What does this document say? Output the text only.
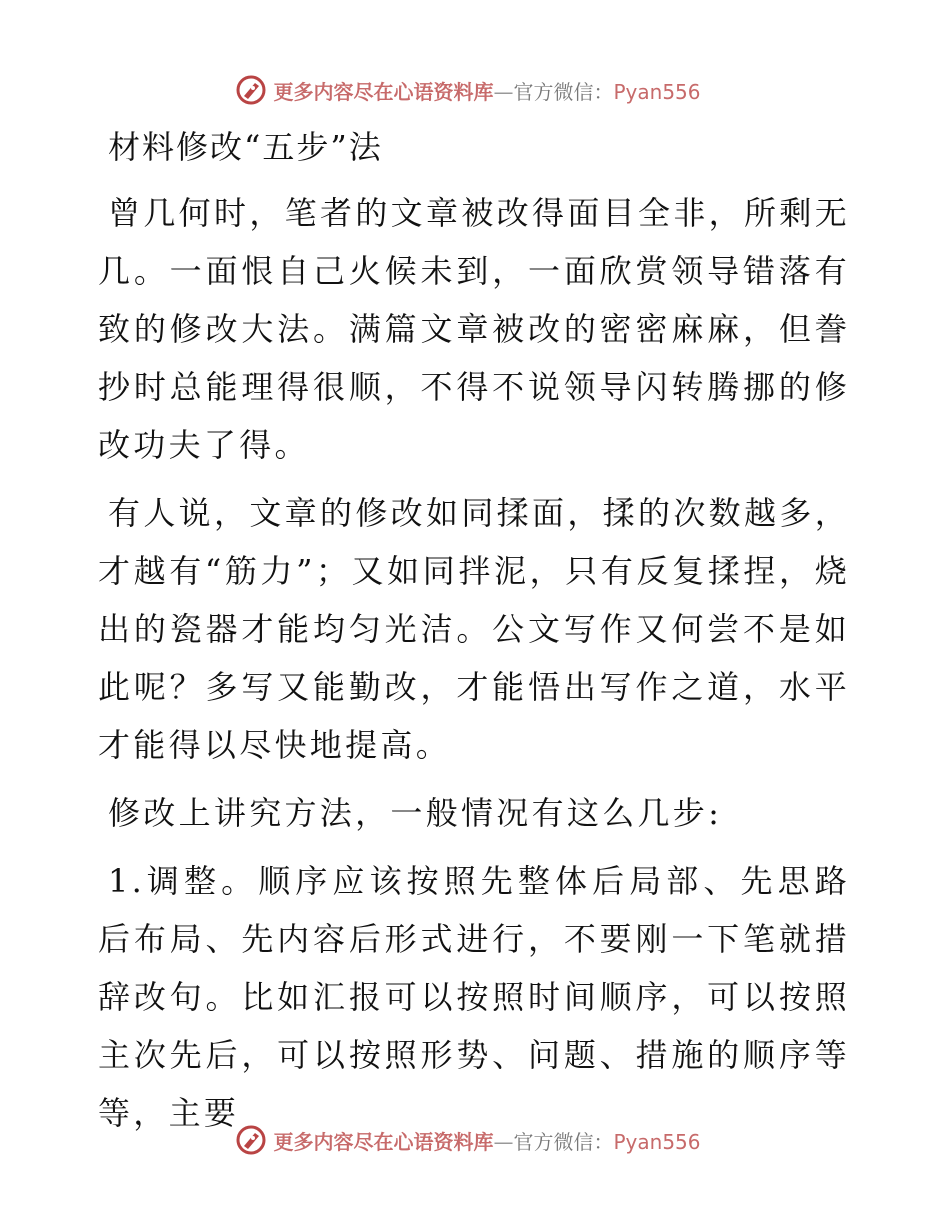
更多内容尽在心语资料库—官方微信：Pyan556
材料修改“五步”法

曾几何时，笔者的文章被改得面目全非，所剩无几。一面恨自己火候未到，一面欣赏领导错落有致的修改大法。满篇文章被改的密密麻麻，但誊抄时总能理得很顺，不得不说领导闪转腾挪的修改功夫了得。

有人说，文章的修改如同揉面，揉的次数越多，才越有“筋力”；又如同拌泥，只有反复揉捏，烧出的瓷器才能均匀光洁。公文写作又何尝不是如此呢？多写又能勤改，才能悟出写作之道，水平才能得以尽快地提高。

修改上讲究方法，一般情况有这么几步:

1.调整。顺序应该按照先整体后局部、先思路后布局、先内容后形式进行，不要刚一下笔就措辞改句。比如汇报可以按照时间顺序，可以按照主次先后，可以按照形势、问题、措施的顺序等等，主要

更多内容尽在心语资料库—官方微信：Pyan556
